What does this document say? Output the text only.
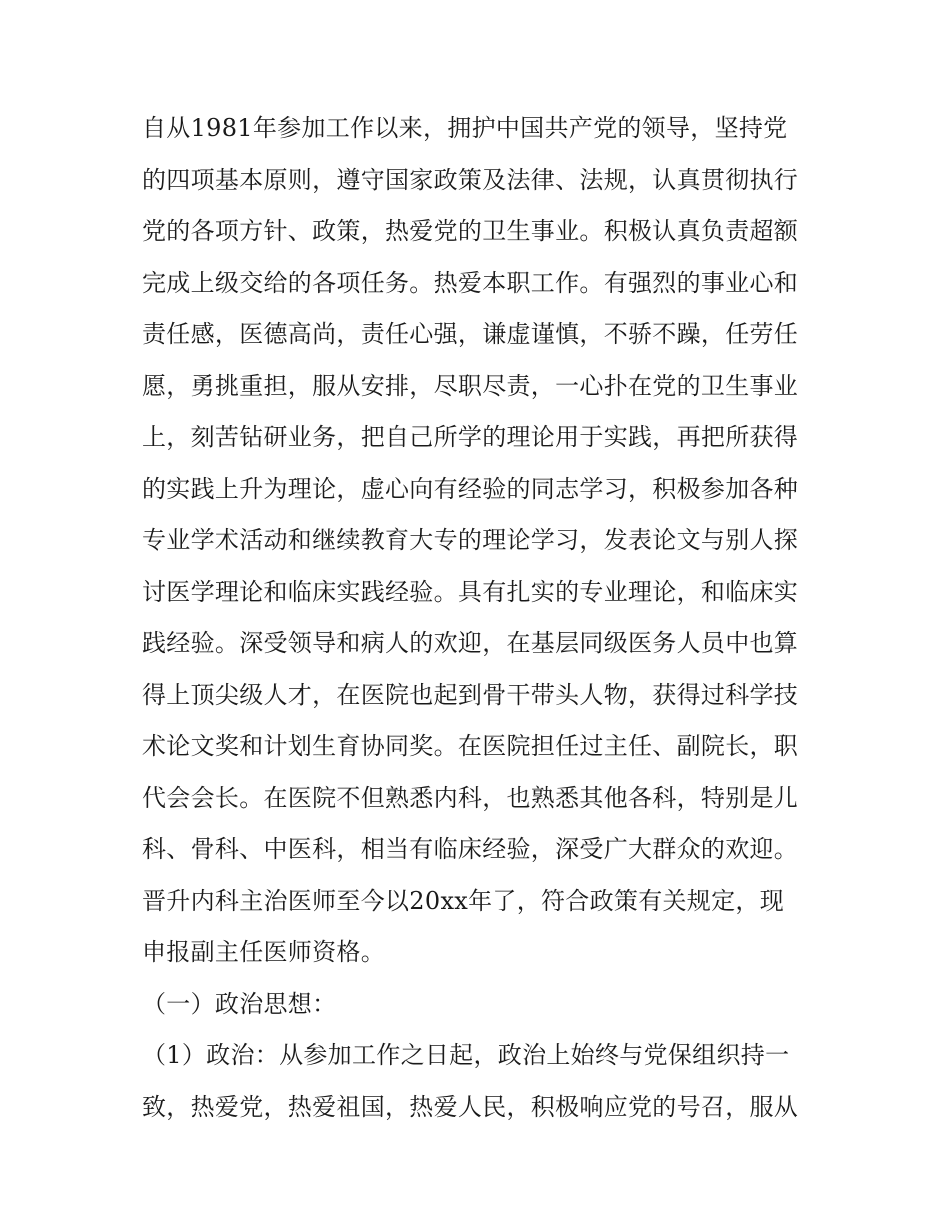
自从1981年参加工作以来，拥护中国共产党的领导，坚持党
的四项基本原则，遵守国家政策及法律、法规，认真贯彻执行
党的各项方针、政策，热爱党的卫生事业。积极认真负责超额
完成上级交给的各项任务。热爱本职工作。有强烈的事业心和
责任感，医德高尚，责任心强，谦虚谨慎，不骄不躁，任劳任
愿，勇挑重担，服从安排，尽职尽责，一心扑在党的卫生事业
上，刻苦钻研业务，把自己所学的理论用于实践，再把所获得
的实践上升为理论，虚心向有经验的同志学习，积极参加各种
专业学术活动和继续教育大专的理论学习，发表论文与别人探
讨医学理论和临床实践经验。具有扎实的专业理论，和临床实
践经验。深受领导和病人的欢迎，在基层同级医务人员中也算
得上顶尖级人才，在医院也起到骨干带头人物，获得过科学技
术论文奖和计划生育协同奖。在医院担任过主任、副院长，职
代会会长。在医院不但熟悉内科，也熟悉其他各科，特别是儿
科、骨科、中医科，相当有临床经验，深受广大群众的欢迎。
晋升内科主治医师至今以20xx年了，符合政策有关规定，现
申报副主任医师资格。
（一）政治思想：
（1）政治：从参加工作之日起，政治上始终与党保组织持一
致，热爱党，热爱祖国，热爱人民，积极响应党的号召，服从
